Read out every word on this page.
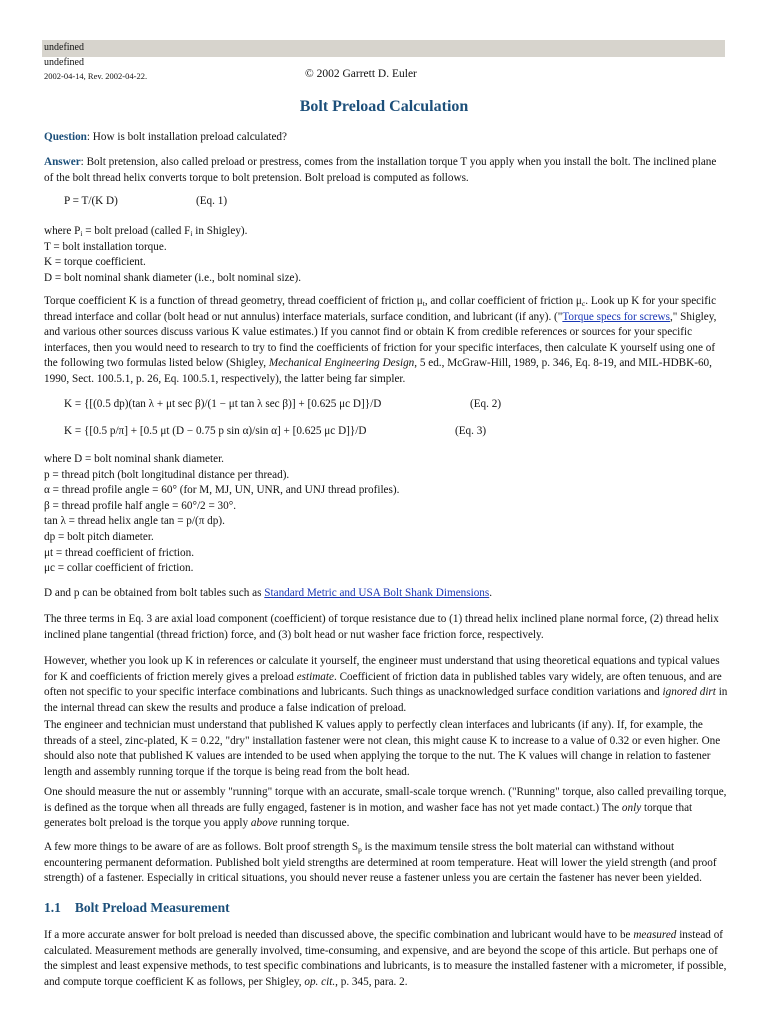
undefined
undefined
2002-04-14, Rev. 2002-04-22.	© 2002 Garrett D. Euler
Bolt Preload Calculation

Question: How is bolt installation preload calculated?

Answer: Bolt pretension, also called preload or prestress, comes from the installation torque T you apply when you install the bolt. The inclined plane of the bolt thread helix converts torque to bolt pretension. Bolt preload is computed as follows.

P = T/(K D)	(Eq. 1)

where $P_i$ = bolt preload (called $F_i$ in Shigley).
T = bolt installation torque.
K = torque coefficient.
D = bolt nominal shank diameter (i.e., bolt nominal size).

Torque coefficient K is a function of thread geometry, thread coefficient of friction $\mu_t$, and collar coefficient of friction $\mu_c$. Look up K for your specific thread interface and collar (bolt head or nut annulus) interface materials, surface condition, and lubricant (if any). ("Torque specs for screws," Shigley, and various other sources discuss various K value estimates.) If you cannot find or obtain K from credible references or sources for your specific interfaces, then you would need to research to try to find the coefficients of friction for your specific interfaces, then calculate K yourself using one of the following two formulas listed below (Shigley, Mechanical Engineering Design, 5 ed., McGraw-Hill, 1989, p. 346, Eq. 8-19, and MIL-HDBK-60, 1990, Sect. 100.5.1, p. 26, Eq. 100.5.1, respectively), the latter being far simpler.

K = {[(0.5 dp)(tan λ + μt sec β)/(1 − μt tan λ sec β)] + [0.625 μc D]}/D	(Eq. 2)

K = {[0.5 p/π] + [0.5 μt (D − 0.75 p sin α)/sin α] + [0.625 μc D]}/D	(Eq. 3)

where D = bolt nominal shank diameter.
p = thread pitch (bolt longitudinal distance per thread).
α = thread profile angle = 60° (for M, MJ, UN, UNR, and UNJ thread profiles).
β = thread profile half angle = 60°/2 = 30°.
tan λ = thread helix angle tan = p/(π dp).
dp = bolt pitch diameter.
μt = thread coefficient of friction.
μc = collar coefficient of friction.

D and p can be obtained from bolt tables such as Standard Metric and USA Bolt Shank Dimensions.

The three terms in Eq. 3 are axial load component (coefficient) of torque resistance due to (1) thread helix inclined plane normal force, (2) thread helix inclined plane tangential (thread friction) force, and (3) bolt head or nut washer face friction force, respectively.

However, whether you look up K in references or calculate it yourself, the engineer must understand that using theoretical equations and typical values for K and coefficients of friction merely gives a preload estimate. Coefficient of friction data in published tables vary widely, are often tenuous, and are often not specific to your specific interface combinations and lubricants. Such things as unacknowledged surface condition variations and ignored dirt in the internal thread can skew the results and produce a false indication of preload.

The engineer and technician must understand that published K values apply to perfectly clean interfaces and lubricants (if any). If, for example, the threads of a steel, zinc-plated, K = 0.22, "dry" installation fastener were not clean, this might cause K to increase to a value of 0.32 or even higher. One should also note that published K values are intended to be used when applying the torque to the nut. The K values will change in relation to fastener length and assembly running torque if the torque is being read from the bolt head.

One should measure the nut or assembly "running" torque with an accurate, small-scale torque wrench. ("Running" torque, also called prevailing torque, is defined as the torque when all threads are fully engaged, fastener is in motion, and washer face has not yet made contact.) The only torque that generates bolt preload is the torque you apply above running torque.

A few more things to be aware of are as follows. Bolt proof strength $S_p$ is the maximum tensile stress the bolt material can withstand without encountering permanent deformation. Published bolt yield strengths are determined at room temperature. Heat will lower the yield strength (and proof strength) of a fastener. Especially in critical situations, you should never reuse a fastener unless you are certain the fastener has never been yielded.

1.1 Bolt Preload Measurement

If a more accurate answer for bolt preload is needed than discussed above, the specific combination and lubricant would have to be measured instead of calculated. Measurement methods are generally involved, time-consuming, and expensive, and are beyond the scope of this article. But perhaps one of the simplest and least expensive methods, to test specific combinations and lubricants, is to measure the installed fastener with a micrometer, if possible, and compute torque coefficient K as follows, per Shigley, op. cit., p. 345, para. 2.
